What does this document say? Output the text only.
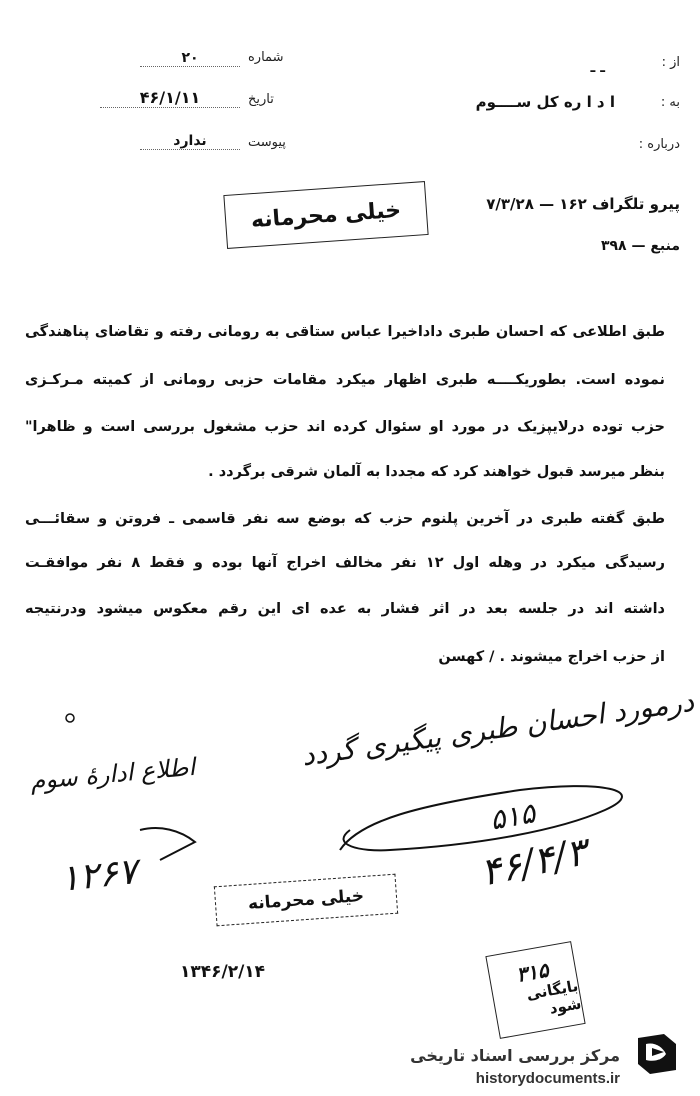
شماره
۲۰
تاریخ
۴۶/۱/۱۱
پیوست
ندارد
از :
ـ ـ
به :
ا د ا ره کل ســــوم
درباره :
پیرو تلگراف ۱۶۲ — ۷/۳/۲۸
منبع — ۳۹۸
خیلی محرمانه
طبق اطلاعی که احسان طبری داداخیرا عباس ستاقی به رومانی رفته و تقاضای پناهندگی
نموده است. بطوریکــــه طبری اظهار میکرد مقامات حزبی رومانی از کمیته مـرکـزی
حزب توده درلایپزیک در مورد او سئوال کرده اند حزب مشغول بررسی است و ظاهرا"
بنظر میرسد قبول خواهند کرد که مجددا به آلمان شرقی برگردد .
طبق گفته طبری در آخرین پلنوم حزب که بوضع سه نفر قاسمی ـ فروتن و سقائـــی
رسیدگی میکرد در وهله اول ۱۲ نفر مخالف اخراج آنها بوده و فقط ۸ نفر موافقـت
داشته اند در جلسه بعد در اثر فشار به عده ای این رقم معکوس میشود ودرنتیجه
از حزب اخراج میشوند . / کهسن
درمورد احسان طبری پیگیری گردد
اطلاع ادارهٔ سوم
۱۲۶۷
۵۱۵
۴۶/۴/۳
خیلی محرمانه
۱۳۴۶/۲/۱۴	۳۱۵
بایگانی شود
مرکز بررسی اسناد تاریخی
historydocuments.ir
